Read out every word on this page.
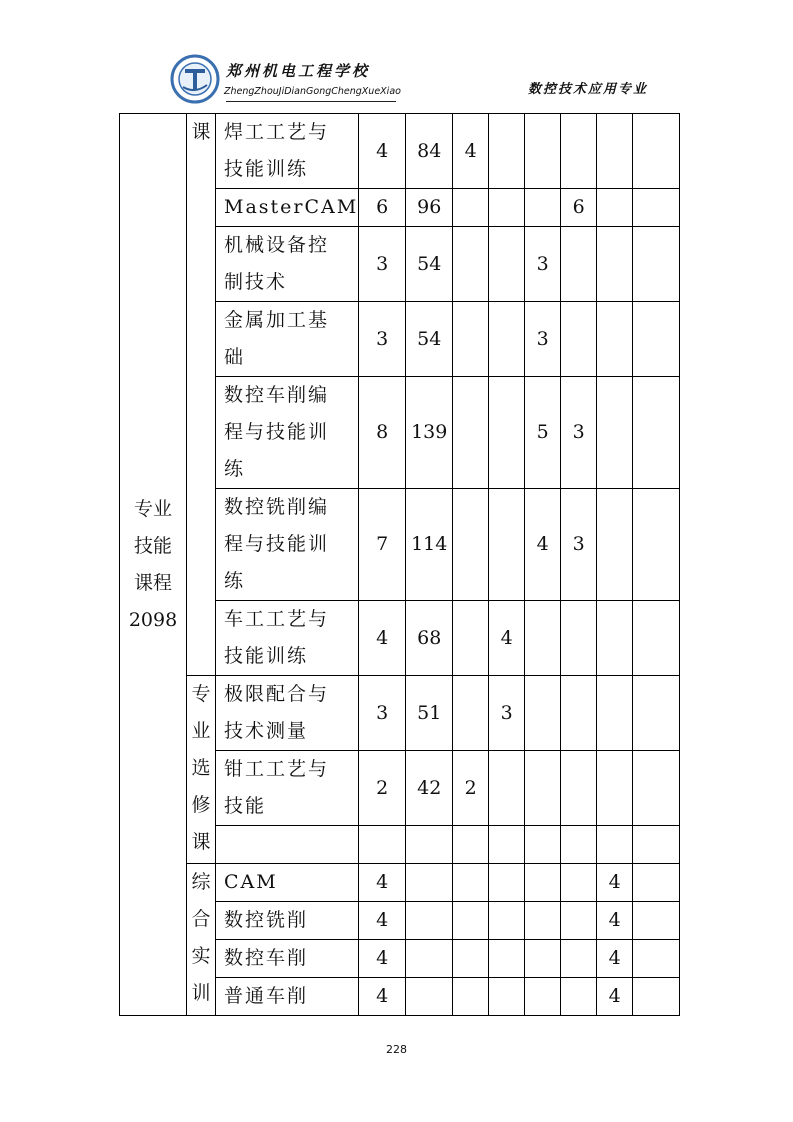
郑州机电工程学校
ZhengZhouJiDianGongChengXueXiao	数控技术应用专业
专业
技能
课程
2098	课	焊工工艺与
技能训练	4	84	4					

		MasterCAM	6	96				6		

		机械设备控
制技术	3	54			3			

		金属加工基
础	3	54			3			

		数控车削编
程与技能训
练	8	139			5	3		

		数控铣削编
程与技能训
练	7	114			4	3		

		车工工艺与
技能训练	4	68		4				

	专
业
选
修
课	极限配合与
技术测量	3	51		3				

		钳工工艺与
技能	2	42	2					

	综
合
实
训	CAM	4						4	

		数控铣削	4						4	

		数控车削	4						4	

		普通车削	4						4	
228
